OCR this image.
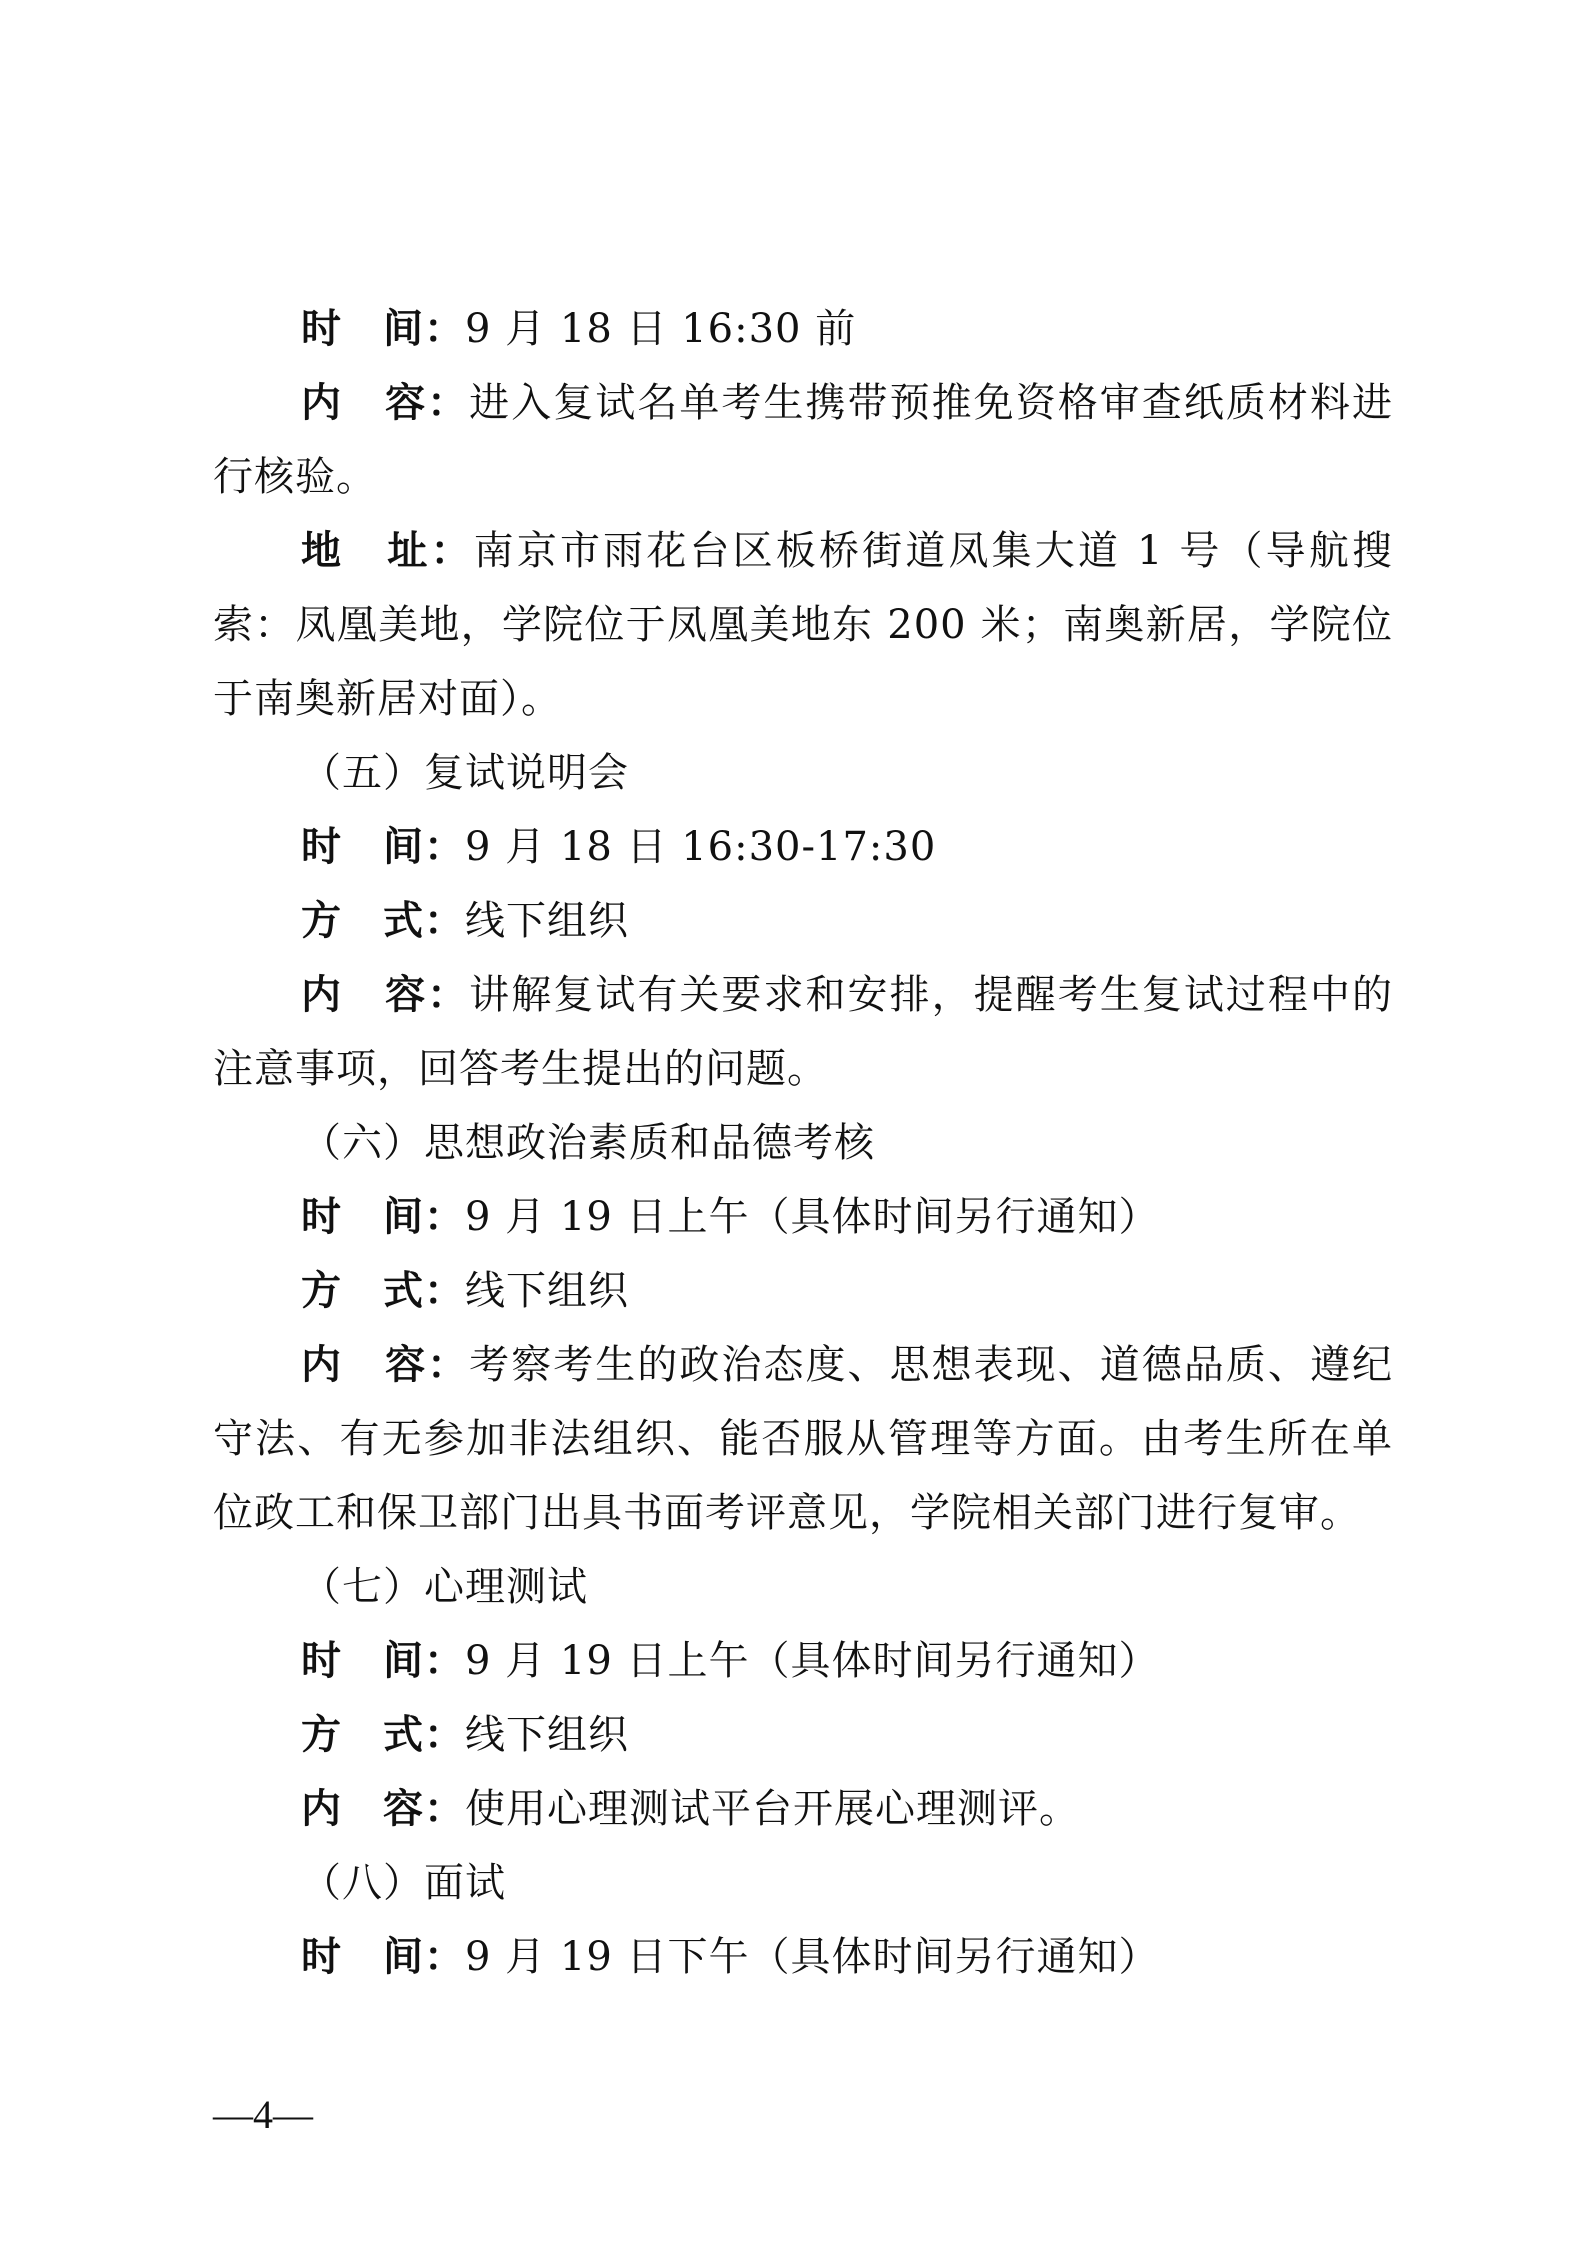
时　间：9 月 18 日 16:30 前

内　容：进入复试名单考生携带预推免资格审查纸质材料进行核验。

地　址：南京市雨花台区板桥街道凤集大道 1 号（导航搜索：凤凰美地，学院位于凤凰美地东 200 米；南奥新居，学院位于南奥新居对面）。

（五）复试说明会

时　间：9 月 18 日 16:30-17:30

方　式：线下组织

内　容：讲解复试有关要求和安排，提醒考生复试过程中的注意事项，回答考生提出的问题。

（六）思想政治素质和品德考核

时　间：9 月 19 日上午（具体时间另行通知）

方　式：线下组织

内　容：考察考生的政治态度、思想表现、道德品质、遵纪守法、有无参加非法组织、能否服从管理等方面。由考生所在单位政工和保卫部门出具书面考评意见，学院相关部门进行复审。

（七）心理测试

时　间：9 月 19 日上午（具体时间另行通知）

方　式：线下组织

内　容：使用心理测试平台开展心理测评。

（八）面试

时　间：9 月 19 日下午（具体时间另行通知）

—4—
